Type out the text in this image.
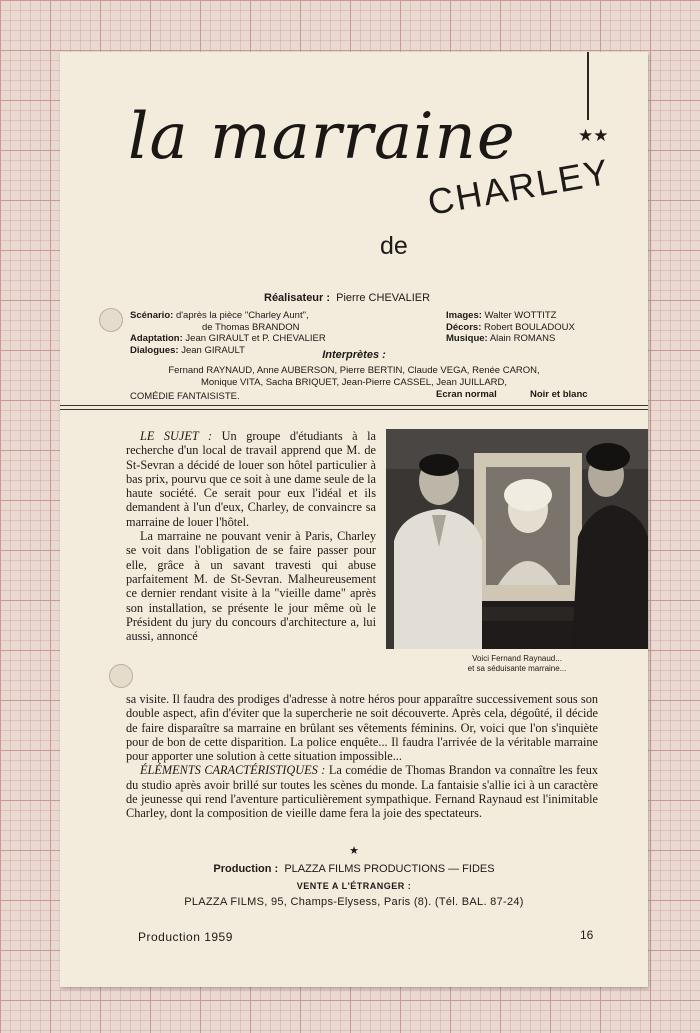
★★
la marraine
de
CHARLEY
Réalisateur : Pierre CHEVALIER
Scénario: d'après la pièce "Charley Aunt",
de Thomas BRANDON
Adaptation: Jean GIRAULT et P. CHEVALIER
Dialogues: Jean GIRAULT
Images: Walter WOTTITZ
Décors: Robert BOULADOUX
Musique: Alain ROMANS
Interprètes :
Fernand RAYNAUD, Anne AUBERSON, Pierre BERTIN, Claude VEGA, Renée CARON,
Monique VITA, Sacha BRIQUET, Jean-Pierre CASSEL, Jean JUILLARD,
COMÉDIE FANTAISISTE.	Ecran normal	Noir et blanc
Voici Fernand Raynaud...
et sa séduisante marraine...

LE SUJET : Un groupe d'étudiants à la recherche d'un local de travail apprend que M. de St-Sevran a décidé de louer son hôtel particulier à bas prix, pourvu que ce soit à une dame seule de la haute société. Ce serait pour eux l'idéal et ils demandent à l'un d'eux, Charley, de convaincre sa marraine de louer l'hôtel.

La marraine ne pouvant venir à Paris, Charley se voit dans l'obligation de se faire passer pour elle, grâce à un savant travesti qui abuse parfaitement M. de St-Sevran. Malheureusement ce dernier rendant visite à la "vieille dame" après son installation, se présente le jour même où le Président du jury du concours d'architecture a, lui aussi, annoncé

sa visite. Il faudra des prodiges d'adresse à notre héros pour apparaître successivement sous son double aspect, afin d'éviter que la supercherie ne soit découverte. Après cela, dégoûté, il décide de faire disparaître sa marraine en brûlant ses vêtements féminins. Or, voici que l'on s'inquiète pour de bon de cette disparition. La police enquête... Il faudra l'arrivée de la véritable marraine pour apporter une solution à cette situation impossible...

ÉLÉMENTS CARACTÉRISTIQUES : La comédie de Thomas Brandon va connaître les feux du studio après avoir brillé sur toutes les scènes du monde. La fantaisie s'allie ici à un caractère de jeunesse qui rend l'aventure particulièrement sympathique. Fernand Raynaud est l'inimitable Charley, dont la composition de vieille dame fera la joie des spectateurs.

★
Production : PLAZZA FILMS PRODUCTIONS — FIDES
VENTE A L'ÉTRANGER :
PLAZZA FILMS, 95, Champs-Elysess, Paris (8). (Tél. BAL. 87-24)
Production 1959	16
